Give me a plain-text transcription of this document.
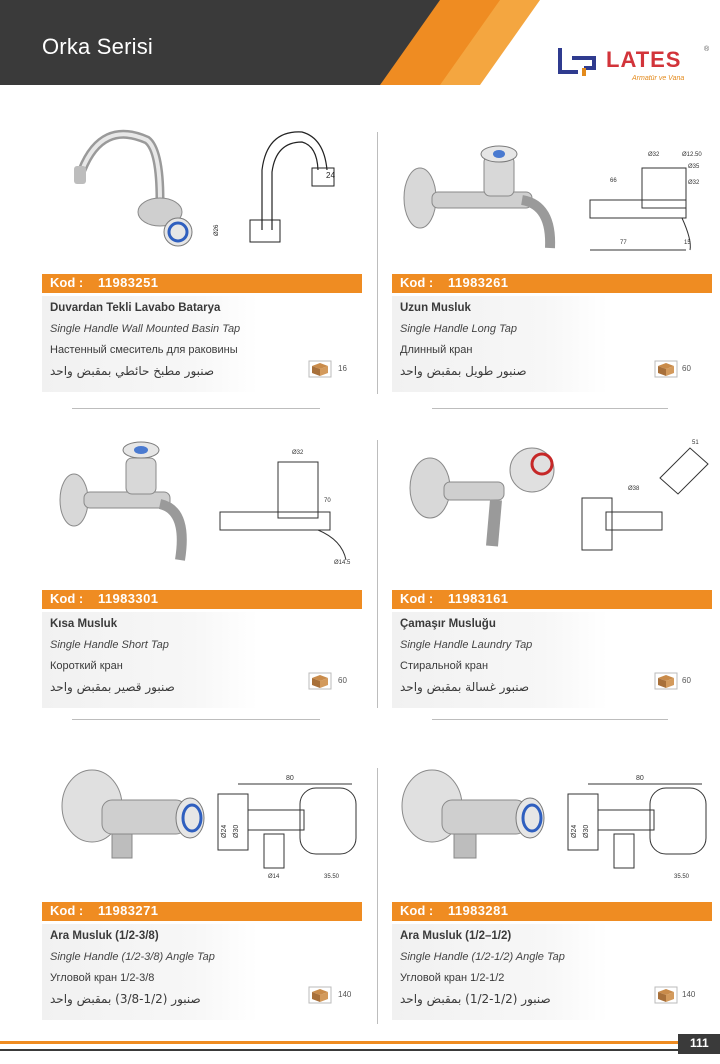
Orka Serisi
LATES	®
Armatür ve Vana
24
Ø26
Kod : 11983251
Duvardan Tekli Lavabo Batarya
Single Handle Wall Mounted Basin Tap
Настенный смеситель для раковины
صنبور مطبخ حائطي بمقبض واحد	16
Ø32	Ø12.50
Ø35
Ø32
66
77	15
Kod : 11983261
Uzun Musluk
Single Handle Long Tap
Длинный кран
صنبور طويل بمقبض واحد	60
Ø32
70
Ø14.5
Kod : 11983301
Kısa Musluk
Single Handle Short Tap
Короткий кран
صنبور قصير بمقبض واحد	60
Ø38
51
Kod : 11983161
Çamaşır Musluğu
Single Handle Laundry Tap
Стиральной кран
صنبور غسالة بمقبض واحد	60
80
Ø24 Ø30
Ø14	35.50
Kod : 11983271
Ara Musluk (1/2-3/8)
Single Handle (1/2-3/8) Angle Tap
Угловой кран 1/2-3/8
صنبور (1/2-3/8) بمقبض واحد	140
80
Ø24 Ø30
35.50
Kod : 11983281
Ara Musluk (1/2–1/2)
Single Handle (1/2-1/2) Angle Tap
Угловой кран 1/2-1/2
صنبور (1/2-1/2) بمقبض واحد	140
111
